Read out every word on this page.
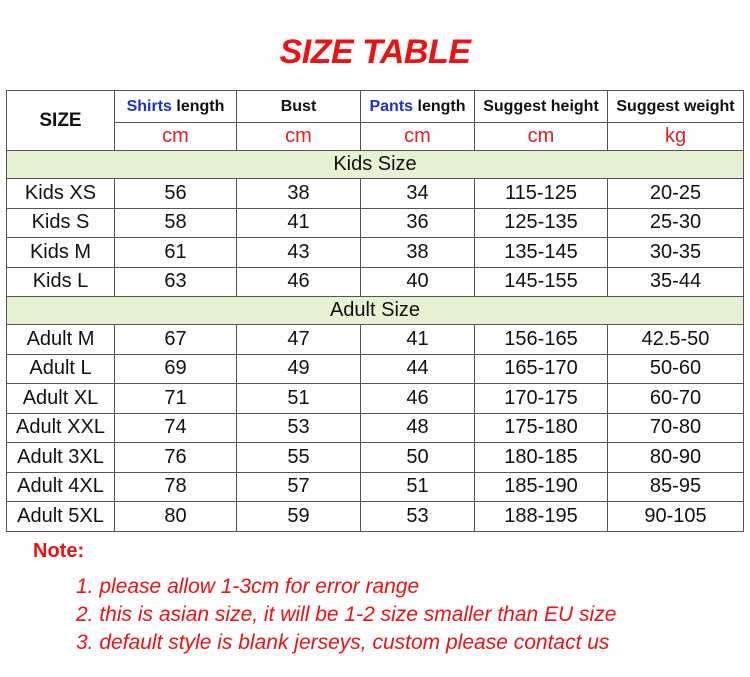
SIZE TABLE
SIZE	Shirts length	Bust	Pants length	Suggest height	Suggest weight
	cm	cm	cm	cm	kg
Kids Size					
Kids XS	56	38	34	115-125	20-25
Kids S	58	41	36	125-135	25-30
Kids M	61	43	38	135-145	30-35
Kids L	63	46	40	145-155	35-44
Adult Size					
Adult M	67	47	41	156-165	42.5-50
Adult L	69	49	44	165-170	50-60
Adult XL	71	51	46	170-175	60-70
Adult XXL	74	53	48	175-180	70-80
Adult 3XL	76	55	50	180-185	80-90
Adult 4XL	78	57	51	185-190	85-95
Adult 5XL	80	59	53	188-195	90-105
Note:
1. please allow 1-3cm for error range
2. this is asian size, it will be 1-2 size smaller than EU size
3. default style is blank jerseys, custom please contact us
